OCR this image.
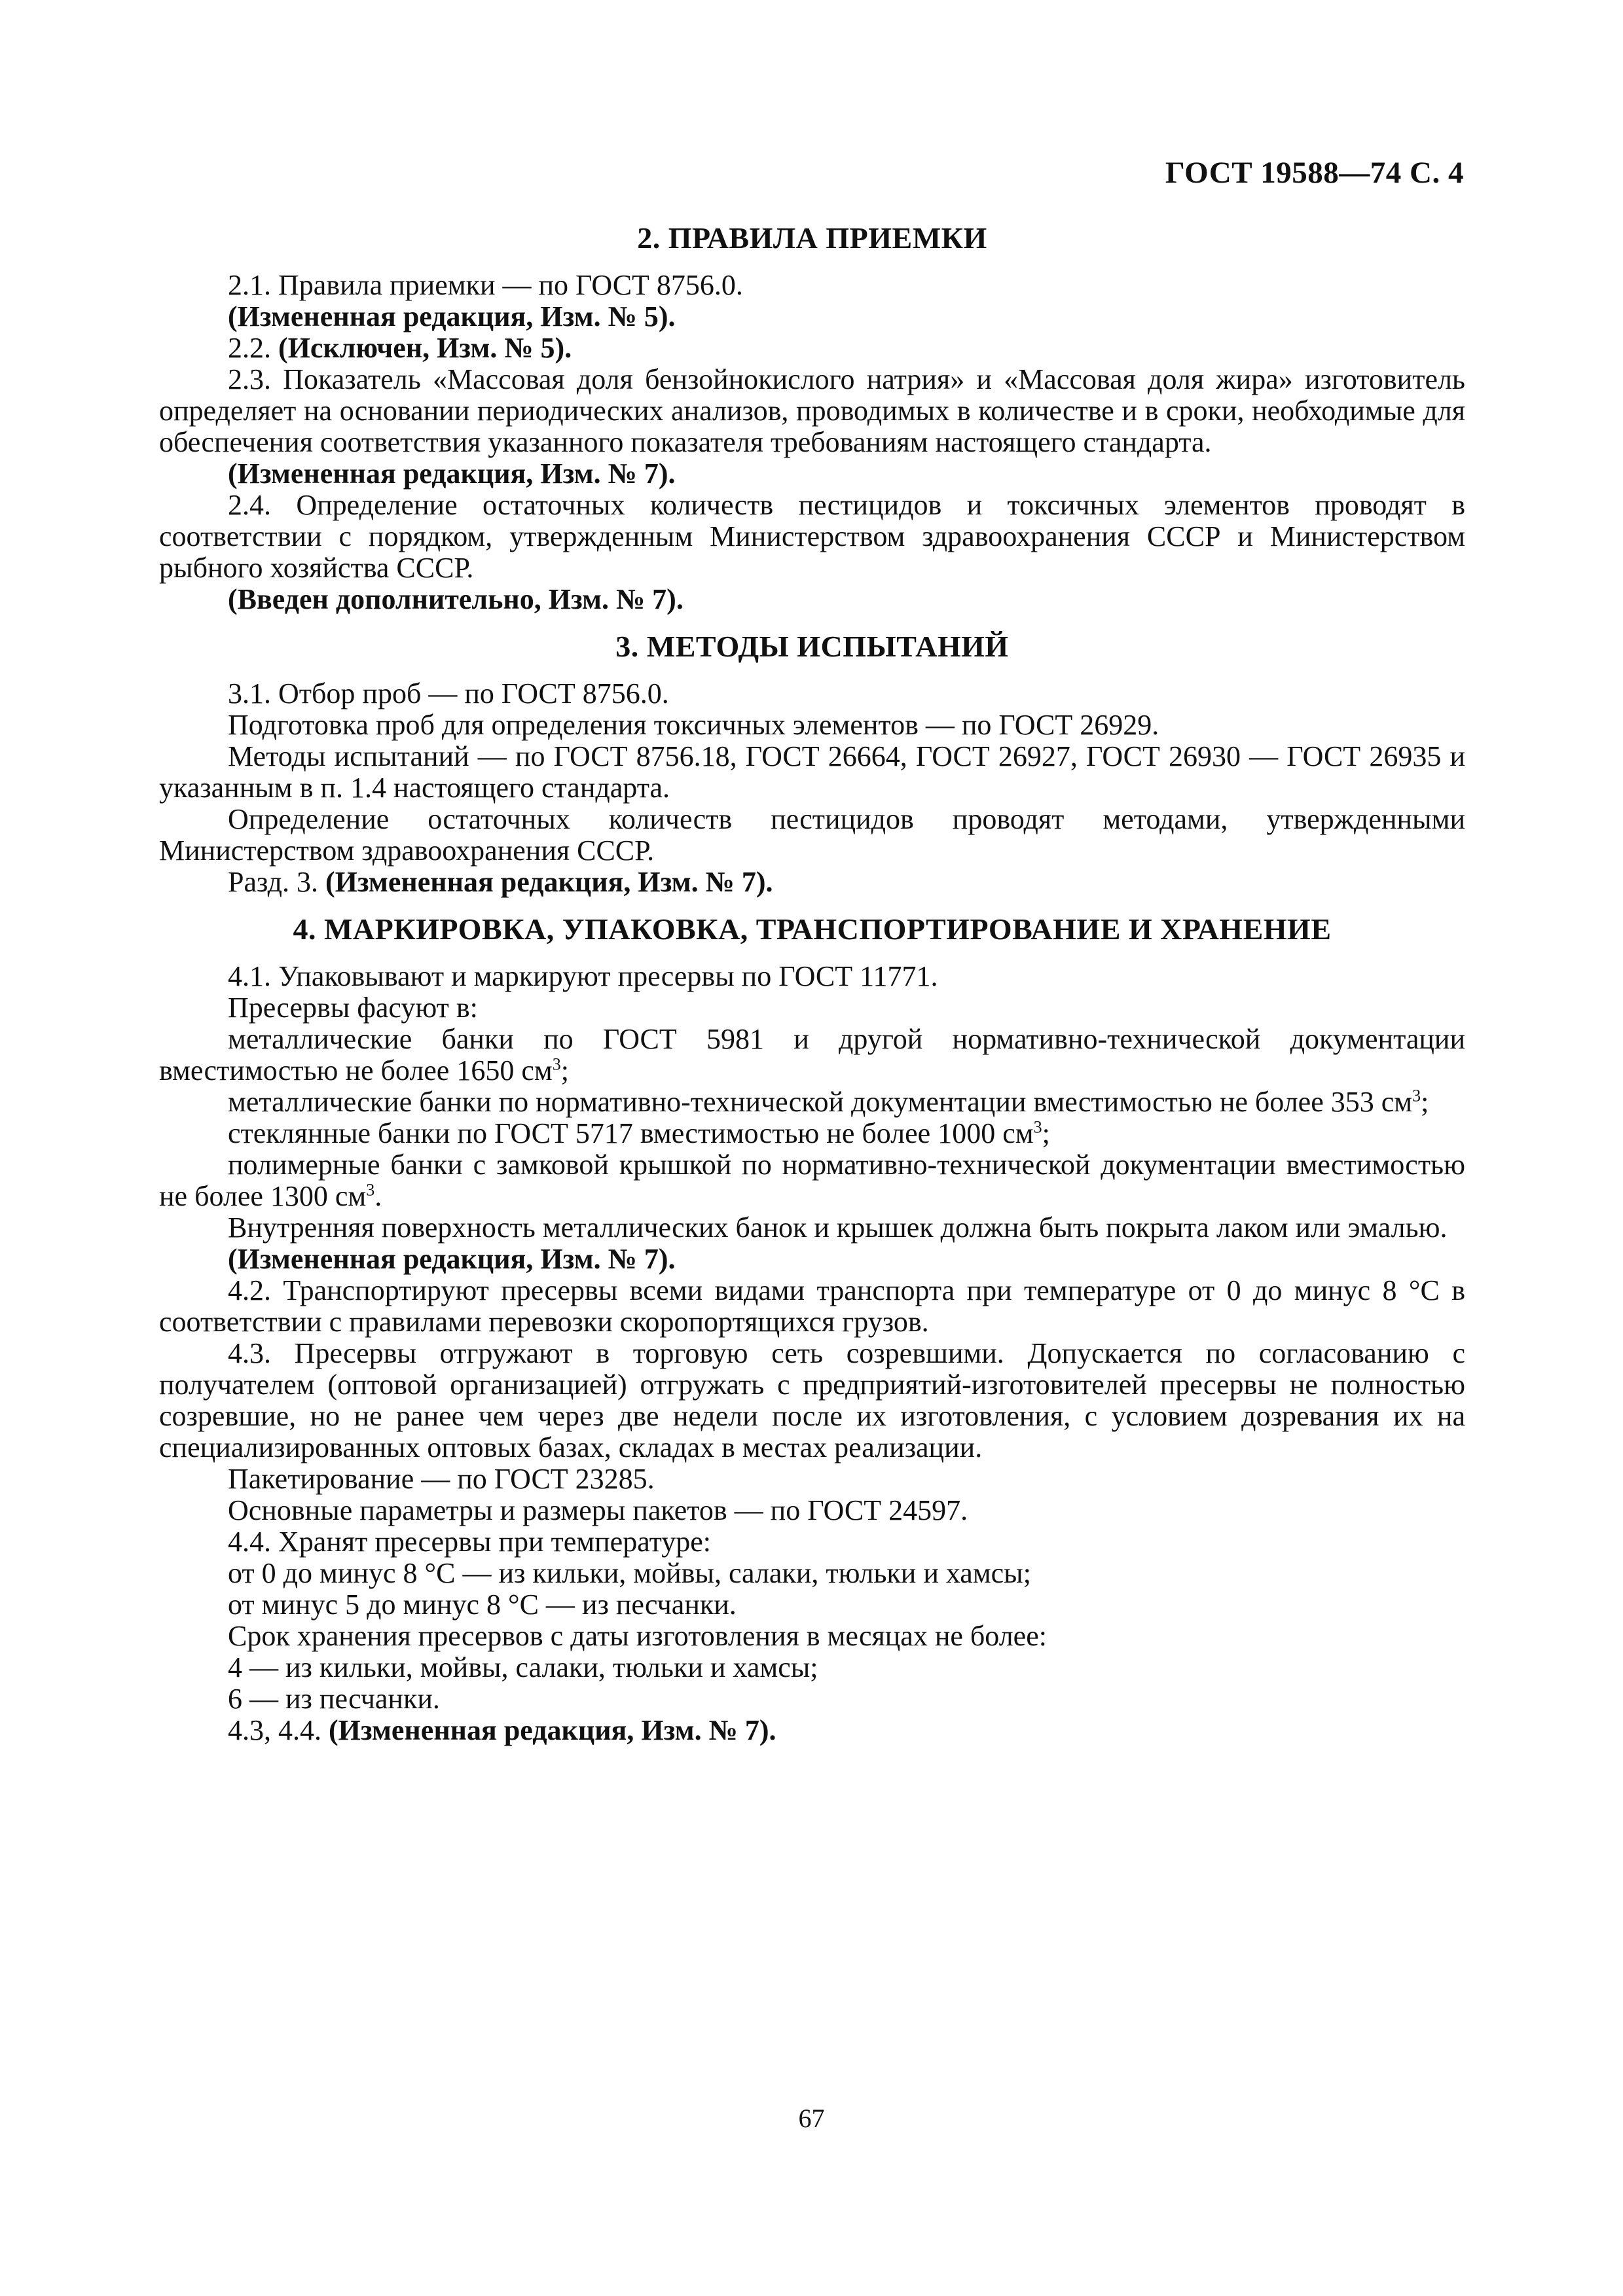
ГОСТ 19588—74 С. 4
2. ПРАВИЛА ПРИЕМКИ

2.1. Правила приемки — по ГОСТ 8756.0.

(Измененная редакция, Изм. № 5).

2.2. (Исключен, Изм. № 5).

2.3. Показатель «Массовая доля бензойнокислого натрия» и «Массовая доля жира» изготовитель определяет на основании периодических анализов, проводимых в количестве и в сроки, необходимые для обеспечения соответствия указанного показателя требованиям настоящего стандарта.

(Измененная редакция, Изм. № 7).

2.4. Определение остаточных количеств пестицидов и токсичных элементов проводят в соответствии с порядком, утвержденным Министерством здравоохранения СССР и Министерством рыбного хозяйства СССР.

(Введен дополнительно, Изм. № 7).

3. МЕТОДЫ ИСПЫТАНИЙ

3.1. Отбор проб — по ГОСТ 8756.0.

Подготовка проб для определения токсичных элементов — по ГОСТ 26929.

Методы испытаний — по ГОСТ 8756.18, ГОСТ 26664, ГОСТ 26927, ГОСТ 26930 — ГОСТ 26935 и указанным в п. 1.4 настоящего стандарта.

Определение остаточных количеств пестицидов проводят методами, утвержденными Министерством здравоохранения СССР.

Разд. 3. (Измененная редакция, Изм. № 7).

4. МАРКИРОВКА, УПАКОВКА, ТРАНСПОРТИРОВАНИЕ И ХРАНЕНИЕ

4.1. Упаковывают и маркируют пресервы по ГОСТ 11771.

Пресервы фасуют в:

металлические банки по ГОСТ 5981 и другой нормативно-технической документации вместимостью не более 1650 $см^3$;

металлические банки по нормативно-технической документации вместимостью не более 353 $см^3$;

стеклянные банки по ГОСТ 5717 вместимостью не более 1000 $см^3$;

полимерные банки с замковой крышкой по нормативно-технической документации вместимостью не более 1300 $см^3$.

Внутренняя поверхность металлических банок и крышек должна быть покрыта лаком или эмалью.

(Измененная редакция, Изм. № 7).

4.2. Транспортируют пресервы всеми видами транспорта при температуре от 0 до минус 8 °С в соответствии с правилами перевозки скоропортящихся грузов.

4.3. Пресервы отгружают в торговую сеть созревшими. Допускается по согласованию с получателем (оптовой организацией) отгружать с предприятий-изготовителей пресервы не полностью созревшие, но не ранее чем через две недели после их изготовления, с условием дозревания их на специализированных оптовых базах, складах в местах реализации.

Пакетирование — по ГОСТ 23285.

Основные параметры и размеры пакетов — по ГОСТ 24597.

4.4. Хранят пресервы при температуре:

от 0 до минус 8 °С — из кильки, мойвы, салаки, тюльки и хамсы;

от минус 5 до минус 8 °С — из песчанки.

Срок хранения пресервов с даты изготовления в месяцах не более:

4 — из кильки, мойвы, салаки, тюльки и хамсы;

6 — из песчанки.

4.3, 4.4. (Измененная редакция, Изм. № 7).

67
